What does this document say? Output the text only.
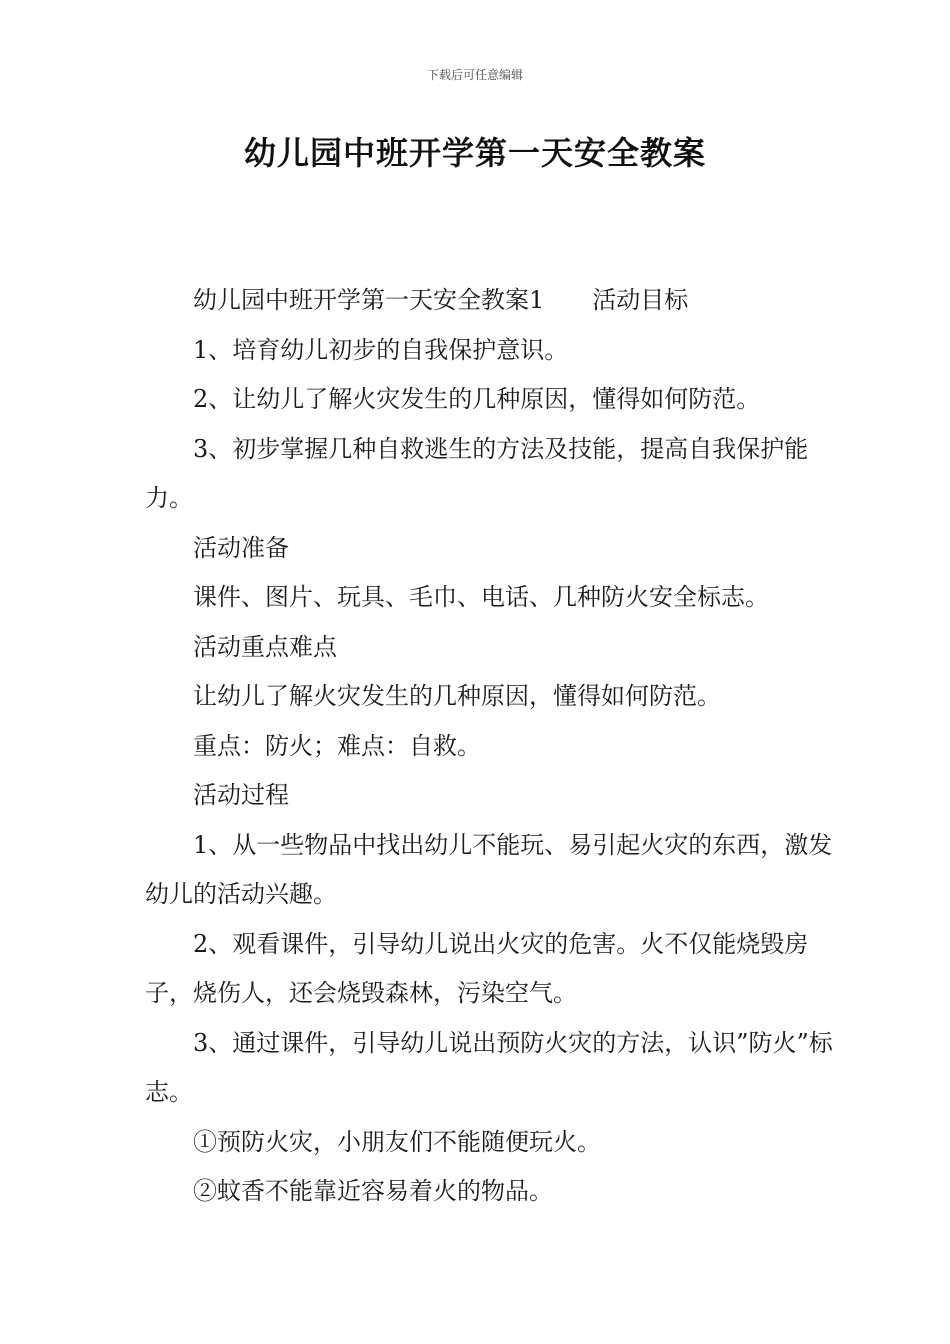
下载后可任意编辑
幼儿园中班开学第一天安全教案

幼儿园中班开学第一天安全教案1 活动目标

1、培育幼儿初步的自我保护意识。

2、让幼儿了解火灾发生的几种原因，懂得如何防范。

3、初步掌握几种自救逃生的方法及技能，提高自我保护能力。

活动准备

课件、图片、玩具、毛巾、电话、几种防火安全标志。

活动重点难点

让幼儿了解火灾发生的几种原因，懂得如何防范。

重点：防火；难点：自救。

活动过程

1、从一些物品中找出幼儿不能玩、易引起火灾的东西，激发幼儿的活动兴趣。

2、观看课件，引导幼儿说出火灾的危害。火不仅能烧毁房子，烧伤人，还会烧毁森林，污染空气。

3、通过课件，引导幼儿说出预防火灾的方法，认识”防火”标志。

①预防火灾，小朋友们不能随便玩火。

②蚊香不能靠近容易着火的物品。
